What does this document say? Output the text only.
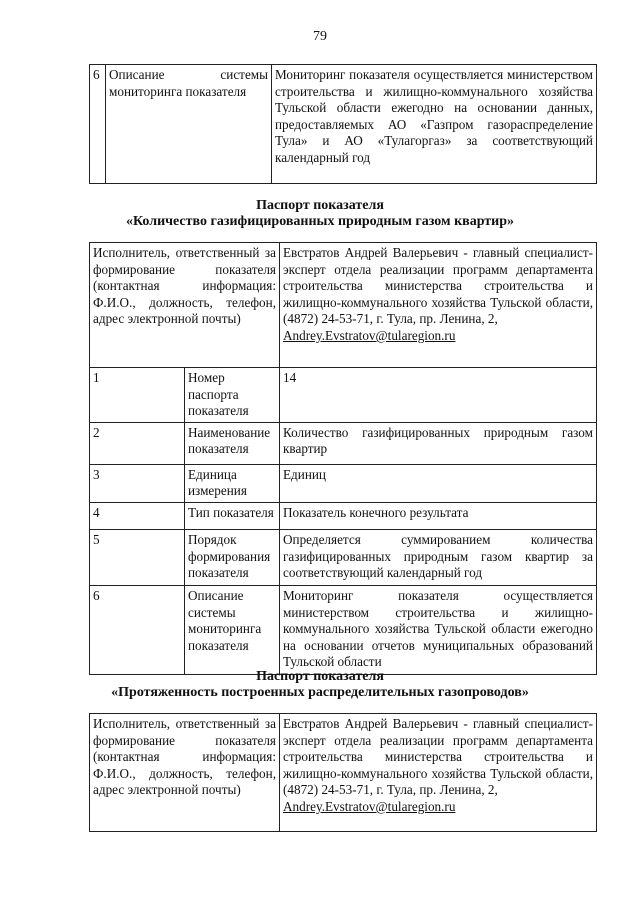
79
6	Описание системы мониторинга показателя	Мониторинг показателя осуществляется министерством строительства и жилищно-коммунального хозяйства Тульской области ежегодно на основании данных, предоставляемых АО «Газпром газораспределение Тула» и АО «Тулагоргаз» за соответствующий календарный год
Паспорт показателя
«Количество газифицированных природным газом квартир»
Исполнитель, ответственный за формирование показателя (контактная информация: Ф.И.О., должность, телефон, адрес электронной почты)		Евстратов Андрей Валерьевич - главный специалист-эксперт отдела реализации программ департамента строительства министерства строительства и жилищно-коммунального хозяйства Тульской области, (4872) 24-53-71, г. Тула, пр. Ленина, 2,
Andrey.Evstratov@tularegion.ru
1	Номер паспорта показателя	14
2	Наименование показателя	Количество газифицированных природным газом квартир
3	Единица измерения	Единиц
4	Тип показателя	Показатель конечного результата
5	Порядок формирования показателя	Определяется суммированием количества газифицированных природным газом квартир за соответствующий календарный год
6	Описание системы мониторинга показателя	Мониторинг показателя осуществляется министерством строительства и жилищно-коммунального хозяйства Тульской области ежегодно на основании отчетов муниципальных образований Тульской области
Паспорт показателя
«Протяженность построенных распределительных газопроводов»
Исполнитель, ответственный за формирование показателя (контактная информация: Ф.И.О., должность, телефон, адрес электронной почты)	Евстратов Андрей Валерьевич - главный специалист-эксперт отдела реализации программ департамента строительства министерства строительства и жилищно-коммунального хозяйства Тульской области, (4872) 24-53-71, г. Тула, пр. Ленина, 2,
Andrey.Evstratov@tularegion.ru
